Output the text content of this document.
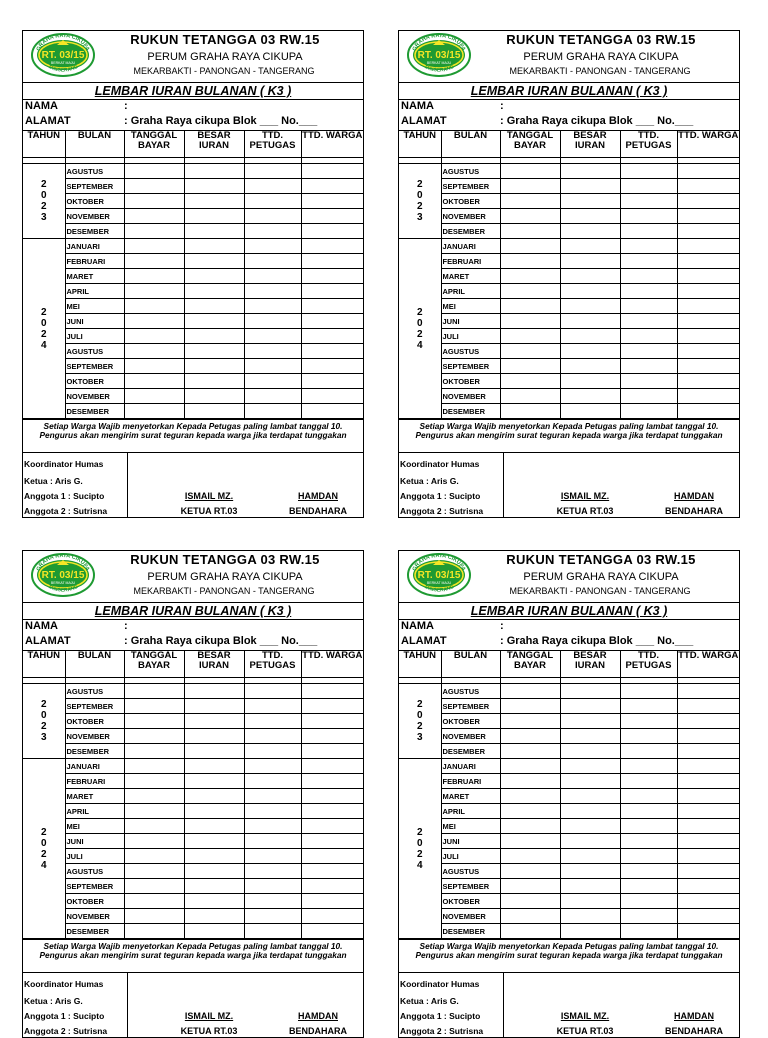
GRAHA RAYA CIKUPA
TANGERANG
RT. 03/15
BERKAT MAJU
RUKUN TETANGGA 03 RW.15
PERUM GRAHA RAYA CIKUPA
MEKARBAKTI - PANONGAN - TANGERANG
LEMBAR IURAN BULANAN ( K3 )
NAMA	:
ALAMAT	: Graha Raya cikupa Blok ___ No.___
TAHUN	BULAN	TANGGAL BAYAR	BESAR IURAN	TTD. PETUGAS	TTD. WARGA

2
0
2
3	AGUSTUS				
	SEPTEMBER				
	OKTOBER				
	NOVEMBER				
	DESEMBER				
2
0
2
4	JANUARI				
	FEBRUARI				
	MARET				
	APRIL				
	MEI				
	JUNI				
	JULI				
	AGUSTUS				
	SEPTEMBER				
	OKTOBER				
	NOVEMBER				
	DESEMBER				
Setiap Warga Wajib menyetorkan Kepada Petugas paling lambat tanggal 10. Pengurus akan mengirim surat teguran kepada warga jika terdapat tunggakan
Koordinator Humas
Ketua : Aris G.
Anggota 1 : Sucipto
Anggota 2 : Sutrisna
ISMAIL MZ.
KETUA RT.03
HAMDAN
BENDAHARA
GRAHA RAYA CIKUPA
TANGERANG
RT. 03/15
BERKAT MAJU
RUKUN TETANGGA 03 RW.15
PERUM GRAHA RAYA CIKUPA
MEKARBAKTI - PANONGAN - TANGERANG
LEMBAR IURAN BULANAN ( K3 )
NAMA	:
ALAMAT	: Graha Raya cikupa Blok ___ No.___
TAHUN	BULAN	TANGGAL BAYAR	BESAR IURAN	TTD. PETUGAS	TTD. WARGA

2
0
2
3	AGUSTUS				
	SEPTEMBER				
	OKTOBER				
	NOVEMBER				
	DESEMBER				
2
0
2
4	JANUARI				
	FEBRUARI				
	MARET				
	APRIL				
	MEI				
	JUNI				
	JULI				
	AGUSTUS				
	SEPTEMBER				
	OKTOBER				
	NOVEMBER				
	DESEMBER				
Setiap Warga Wajib menyetorkan Kepada Petugas paling lambat tanggal 10. Pengurus akan mengirim surat teguran kepada warga jika terdapat tunggakan
Koordinator Humas
Ketua : Aris G.
Anggota 1 : Sucipto
Anggota 2 : Sutrisna
ISMAIL MZ.
KETUA RT.03
HAMDAN
BENDAHARA
GRAHA RAYA CIKUPA
TANGERANG
RT. 03/15
BERKAT MAJU
RUKUN TETANGGA 03 RW.15
PERUM GRAHA RAYA CIKUPA
MEKARBAKTI - PANONGAN - TANGERANG
LEMBAR IURAN BULANAN ( K3 )
NAMA	:
ALAMAT	: Graha Raya cikupa Blok ___ No.___
TAHUN	BULAN	TANGGAL BAYAR	BESAR IURAN	TTD. PETUGAS	TTD. WARGA

2
0
2
3	AGUSTUS				
	SEPTEMBER				
	OKTOBER				
	NOVEMBER				
	DESEMBER				
2
0
2
4	JANUARI				
	FEBRUARI				
	MARET				
	APRIL				
	MEI				
	JUNI				
	JULI				
	AGUSTUS				
	SEPTEMBER				
	OKTOBER				
	NOVEMBER				
	DESEMBER				
Setiap Warga Wajib menyetorkan Kepada Petugas paling lambat tanggal 10. Pengurus akan mengirim surat teguran kepada warga jika terdapat tunggakan
Koordinator Humas
Ketua : Aris G.
Anggota 1 : Sucipto
Anggota 2 : Sutrisna
ISMAIL MZ.
KETUA RT.03
HAMDAN
BENDAHARA
GRAHA RAYA CIKUPA
TANGERANG
RT. 03/15
BERKAT MAJU
RUKUN TETANGGA 03 RW.15
PERUM GRAHA RAYA CIKUPA
MEKARBAKTI - PANONGAN - TANGERANG
LEMBAR IURAN BULANAN ( K3 )
NAMA	:
ALAMAT	: Graha Raya cikupa Blok ___ No.___
TAHUN	BULAN	TANGGAL BAYAR	BESAR IURAN	TTD. PETUGAS	TTD. WARGA

2
0
2
3	AGUSTUS				
	SEPTEMBER				
	OKTOBER				
	NOVEMBER				
	DESEMBER				
2
0
2
4	JANUARI				
	FEBRUARI				
	MARET				
	APRIL				
	MEI				
	JUNI				
	JULI				
	AGUSTUS				
	SEPTEMBER				
	OKTOBER				
	NOVEMBER				
	DESEMBER				
Setiap Warga Wajib menyetorkan Kepada Petugas paling lambat tanggal 10. Pengurus akan mengirim surat teguran kepada warga jika terdapat tunggakan
Koordinator Humas
Ketua : Aris G.
Anggota 1 : Sucipto
Anggota 2 : Sutrisna
ISMAIL MZ.
KETUA RT.03
HAMDAN
BENDAHARA
